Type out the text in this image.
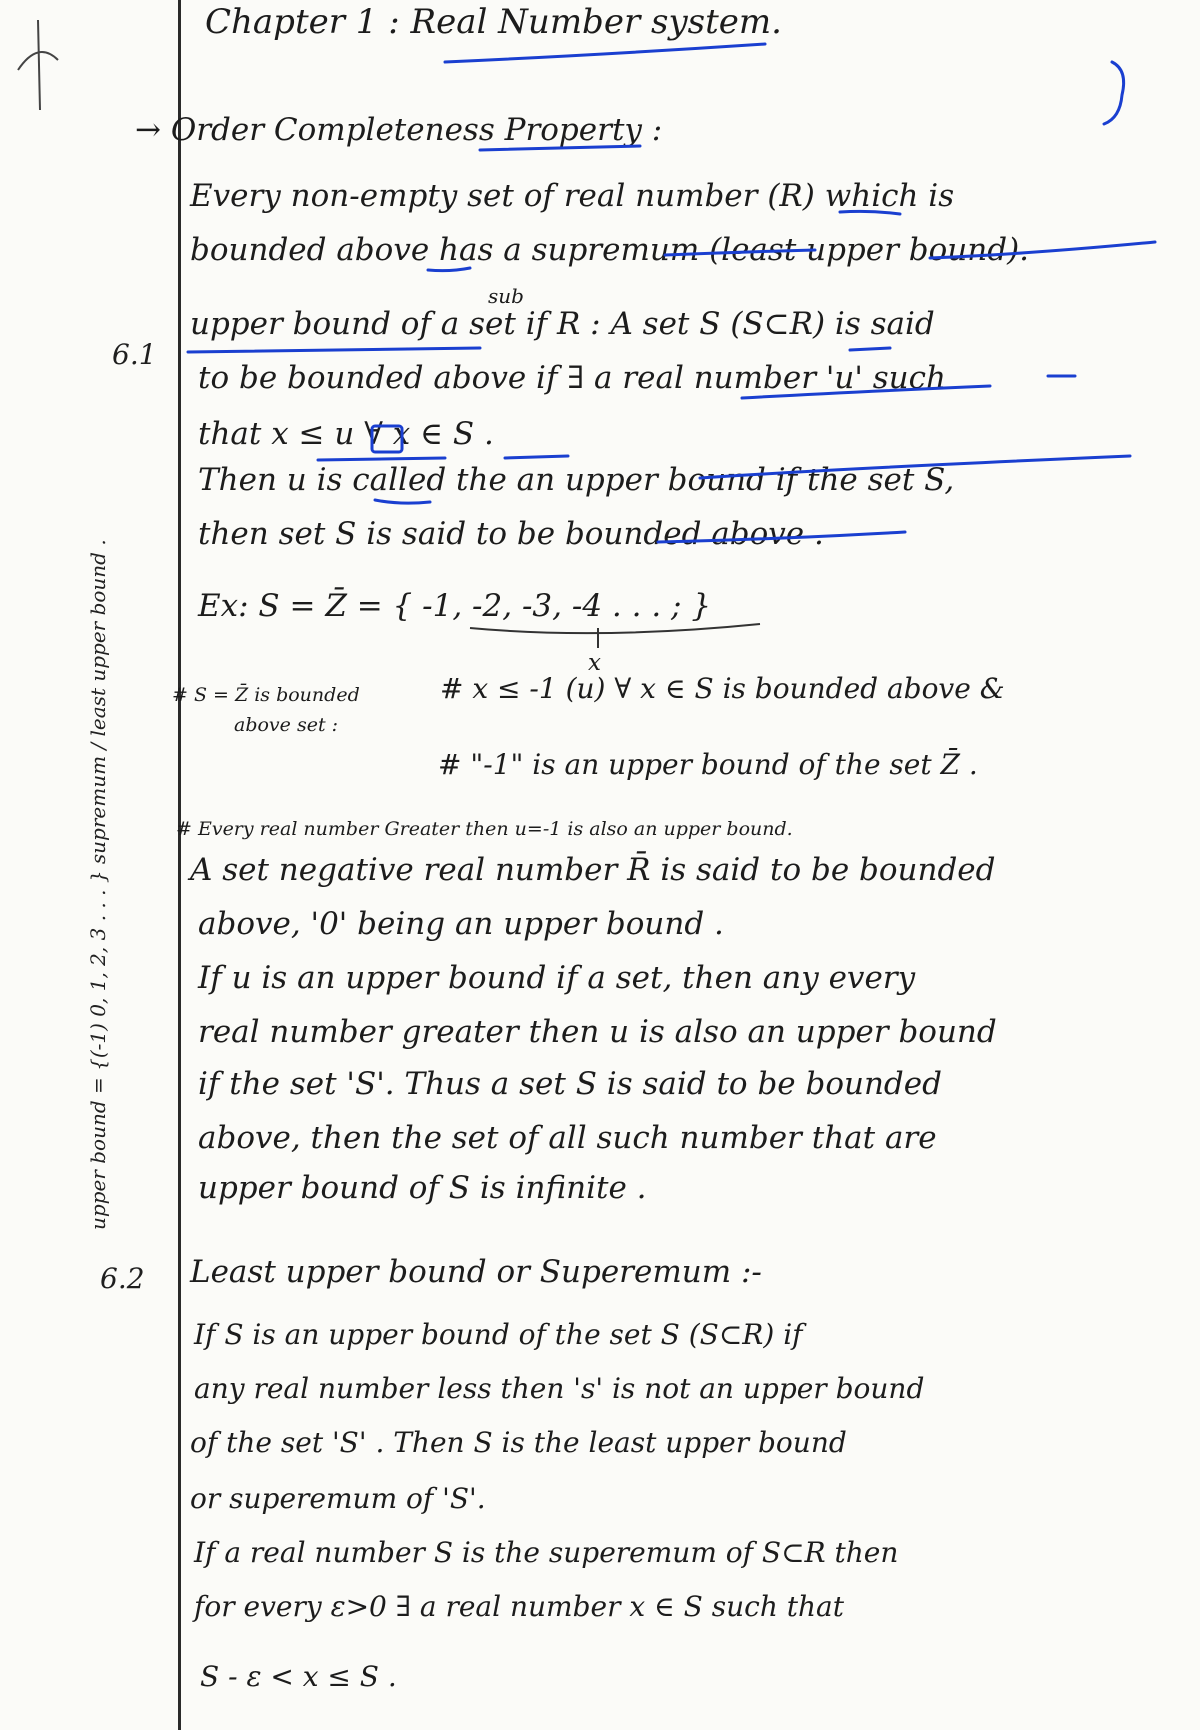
Chapter 1 : Real Number system.
→ Order Completeness Property :
Every non-empty set of real number (R) which is
bounded above has a supremum (least upper bound).
6.1
sub
upper bound of a set if R : A set S (S⊂R) is said
to be bounded above if ∃ a real number 'u' such
that x ≤ u ∀ x ∈ S .
Then u is called the an upper bound if the set S,
then set S is said to be bounded above .
Ex: S = Z̄ = { -1, -2, -3, -4 . . . ; }
x
# S = Z̄ is bounded
above set :
# x ≤ -1 (u) ∀ x ∈ S is bounded above &
# "-1" is an upper bound of the set Z̄ .
# Every real number Greater then u=-1 is also an upper bound.
A set negative real number R̄ is said to be bounded
above, '0' being an upper bound .
If u is an upper bound if a set, then any every
real number greater then u is also an upper bound
if the set 'S'. Thus a set S is said to be bounded
above, then the set of all such number that are
upper bound of S is infinite .
upper bound = {(-1) 0, 1, 2, 3 . . . } supremum / least upper bound .
6.2 Least upper bound or Superemum :-
If S is an upper bound of the set S (S⊂R) if
any real number less then 's' is not an upper bound
of the set 'S' . Then S is the least upper bound
or superemum of 'S'.
If a real number S is the superemum of S⊂R then
for every ε>0 ∃ a real number x ∈ S such that
S - ε < x ≤ S .
